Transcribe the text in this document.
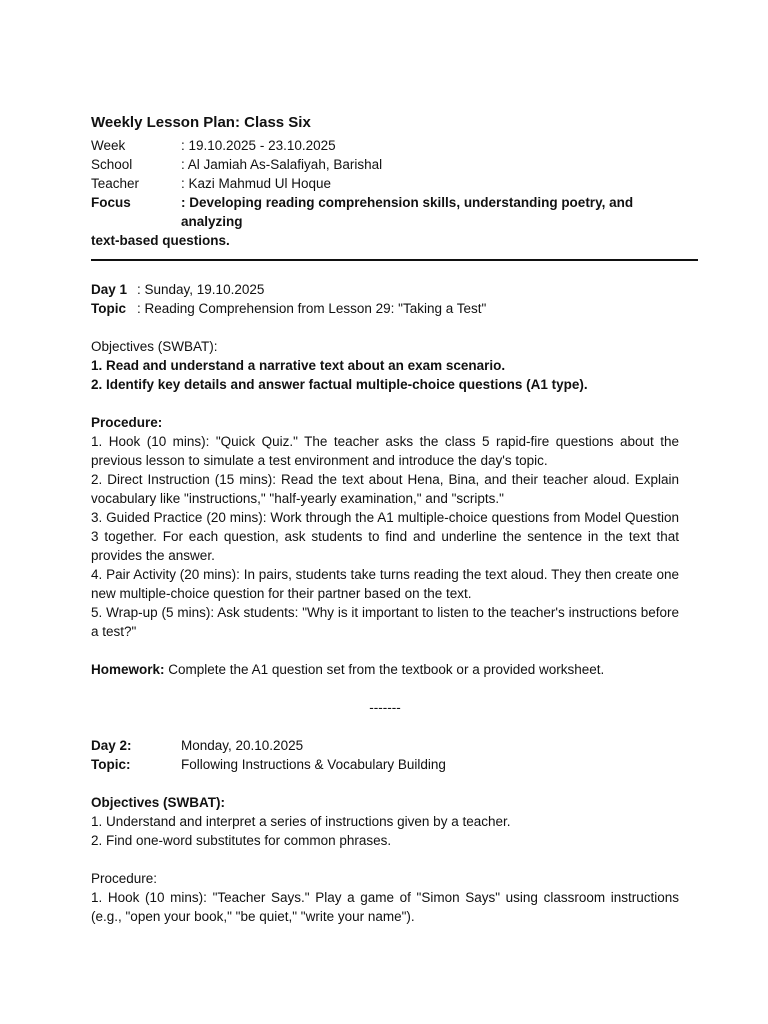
Weekly Lesson Plan: Class Six
Week	: 19.10.2025 - 23.10.2025
School	: Al Jamiah As-Salafiyah, Barishal
Teacher	: Kazi Mahmud Ul Hoque
Focus	: Developing reading comprehension skills, understanding poetry, and analyzing
text-based questions.
Day 1 : Sunday, 19.10.2025
Topic : Reading Comprehension from Lesson 29: "Taking a Test"
Objectives (SWBAT):
1. Read and understand a narrative text about an exam scenario.
2. Identify key details and answer factual multiple-choice questions (A1 type).
Procedure:

1. Hook (10 mins): "Quick Quiz." The teacher asks the class 5 rapid-fire questions about the previous lesson to simulate a test environment and introduce the day's topic.

2. Direct Instruction (15 mins): Read the text about Hena, Bina, and their teacher aloud. Explain vocabulary like "instructions," "half-yearly examination," and "scripts."

3. Guided Practice (20 mins): Work through the A1 multiple-choice questions from Model Question 3 together. For each question, ask students to find and underline the sentence in the text that provides the answer.

4. Pair Activity (20 mins): In pairs, students take turns reading the text aloud. They then create one new multiple-choice question for their partner based on the text.

5. Wrap-up (5 mins): Ask students: "Why is it important to listen to the teacher's instructions before a test?"

Homework: Complete the A1 question set from the textbook or a provided worksheet.
-------
Day 2:	Monday, 20.10.2025
Topic:	Following Instructions & Vocabulary Building
Objectives (SWBAT):
1. Understand and interpret a series of instructions given by a teacher.
2. Find one-word substitutes for common phrases.
Procedure:

1. Hook (10 mins): "Teacher Says." Play a game of "Simon Says" using classroom instructions (e.g., "open your book," "be quiet," "write your name").
